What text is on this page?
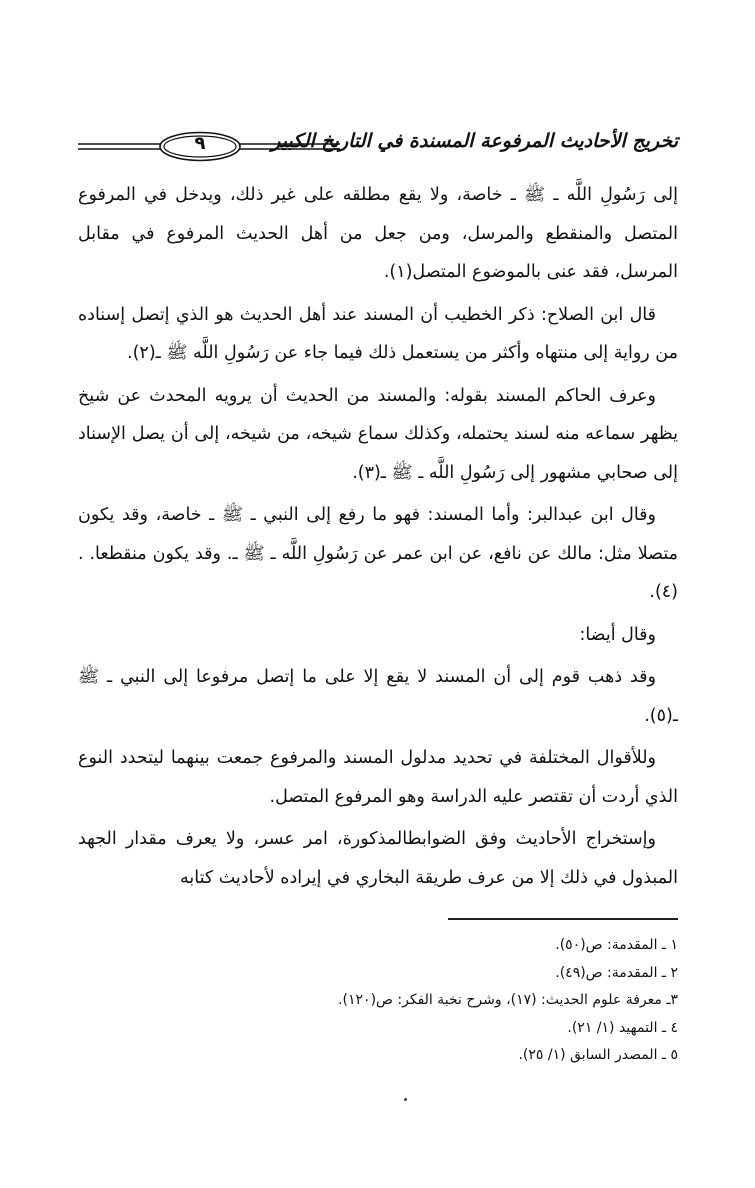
٩	تخريج الأحاديث المرفوعة المسندة في التاريخ الكبير

إلى رَسُولِ اللَّه ـ ﷺ ـ خاصة، ولا يقع مطلقه على غير ذلك، ويدخل في المرفوع المتصل والمنقطع والمرسل، ومن جعل من أهل الحديث المرفوع في مقابل المرسل، فقد عنى بالموضوع المتصل(١).

قال ابن الصلاح: ذكر الخطيب أن المسند عند أهل الحديث هو الذي إتصل إسناده من رواية إلى منتهاه وأكثر من يستعمل ذلك فيما جاء عن رَسُولِ اللَّه ﷺ ـ(٢).

وعرف الحاكم المسند بقوله: والمسند من الحديث أن يرويه المحدث عن شيخ يظهر سماعه منه لسند يحتمله، وكذلك سماع شيخه، من شيخه، إلى أن يصل الإسناد إلى صحابي مشهور إلى رَسُولِ اللَّه ـ ﷺ ـ(٣).

وقال ابن عبدالبر: وأما المسند: فهو ما رفع إلى النبي ـ ﷺ ـ خاصة، وقد يكون متصلا مثل: مالك عن نافع، عن ابن عمر عن رَسُولِ اللَّه ـ ﷺ ـ. وقد يكون منقطعا. .(٤).

وقال أيضا:

وقد ذهب قوم إلى أن المسند لا يقع إلا على ما إتصل مرفوعا إلى النبي ـ ﷺ ـ(٥).

وللأقوال المختلفة في تحديد مدلول المسند والمرفوع جمعت بينهما ليتحدد النوع الذي أردت أن تقتصر عليه الدراسة وهو المرفوع المتصل.

وإستخراج الأحاديث وفق الضوابطالمذكورة، امر عسر، ولا يعرف مقدار الجهد المبذول في ذلك إلا من عرف طريقة البخاري في إيراده لأحاديث كتابه

١ ـ المقدمة: ص(٥٠).
٢ ـ المقدمة: ص(٤٩).
٣ـ معرفة علوم الحديث: (١٧)، وشرح نخبة الفكر: ص(١٢٠).
٤ ـ التمهيد (١/ ٢١).
٥ ـ المصدر السابق (١/ ٢٥).
